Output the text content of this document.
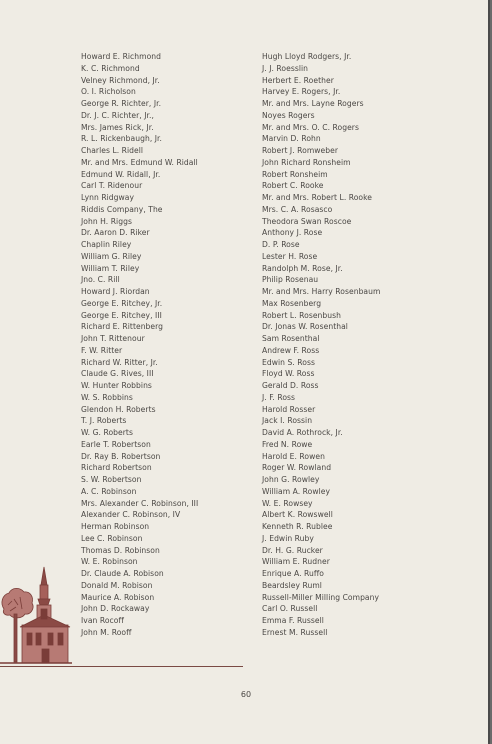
Howard E. Richmond
K. C. Richmond
Velney Richmond, Jr.
O. I. Richolson
George R. Richter, Jr.
Dr. J. C. Richter, Jr.,
Mrs. James Rick, Jr.
R. L. Rickenbaugh, Jr.
Charles L. Ridell
Mr. and Mrs. Edmund W. Ridall
Edmund W. Ridall, Jr.
Carl T. Ridenour
Lynn Ridgway
Riddis Company, The
John H. Riggs
Dr. Aaron D. Riker
Chaplin Riley
William G. Riley
William T. Riley
Jno. C. Rill
Howard J. Riordan
George E. Ritchey, Jr.
George E. Ritchey, III
Richard E. Rittenberg
John T. Rittenour
F. W. Ritter
Richard W. Ritter, Jr.
Claude G. Rives, III
W. Hunter Robbins
W. S. Robbins
Glendon H. Roberts
T. J. Roberts
W. G. Roberts
Earle T. Robertson
Dr. Ray B. Robertson
Richard Robertson
S. W. Robertson
A. C. Robinson
Mrs. Alexander C. Robinson, III
Alexander C. Robinson, IV
Herman Robinson
Lee C. Robinson
Thomas D. Robinson
W. E. Robinson
Dr. Claude A. Robison
Donald M. Robison
Maurice A. Robison
John D. Rockaway
Ivan Rocoff
John M. Rooff
Hugh Lloyd Rodgers, Jr.
J. J. Roesslin
Herbert E. Roether
Harvey E. Rogers, Jr.
Mr. and Mrs. Layne Rogers
Noyes Rogers
Mr. and Mrs. O. C. Rogers
Marvin D. Rohn
Robert J. Romweber
John Richard Ronsheim
Robert Ronsheim
Robert C. Rooke
Mr. and Mrs. Robert L. Rooke
Mrs. C. A. Rosasco
Theodora Swan Roscoe
Anthony J. Rose
D. P. Rose
Lester H. Rose
Randolph M. Rose, Jr.
Philip Rosenau
Mr. and Mrs. Harry Rosenbaum
Max Rosenberg
Robert L. Rosenbush
Dr. Jonas W. Rosenthal
Sam Rosenthal
Andrew F. Ross
Edwin S. Ross
Floyd W. Ross
Gerald D. Ross
J. F. Ross
Harold Rosser
Jack I. Rossin
David A. Rothrock, Jr.
Fred N. Rowe
Harold E. Rowen
Roger W. Rowland
John G. Rowley
William A. Rowley
W. E. Rowsey
Albert K. Rowswell
Kenneth R. Rublee
J. Edwin Ruby
Dr. H. G. Rucker
William E. Rudner
Enrique A. Ruffo
Beardsley Ruml
Russell-Miller Milling Company
Carl O. Russell
Emma F. Russell
Ernest M. Russell
60
